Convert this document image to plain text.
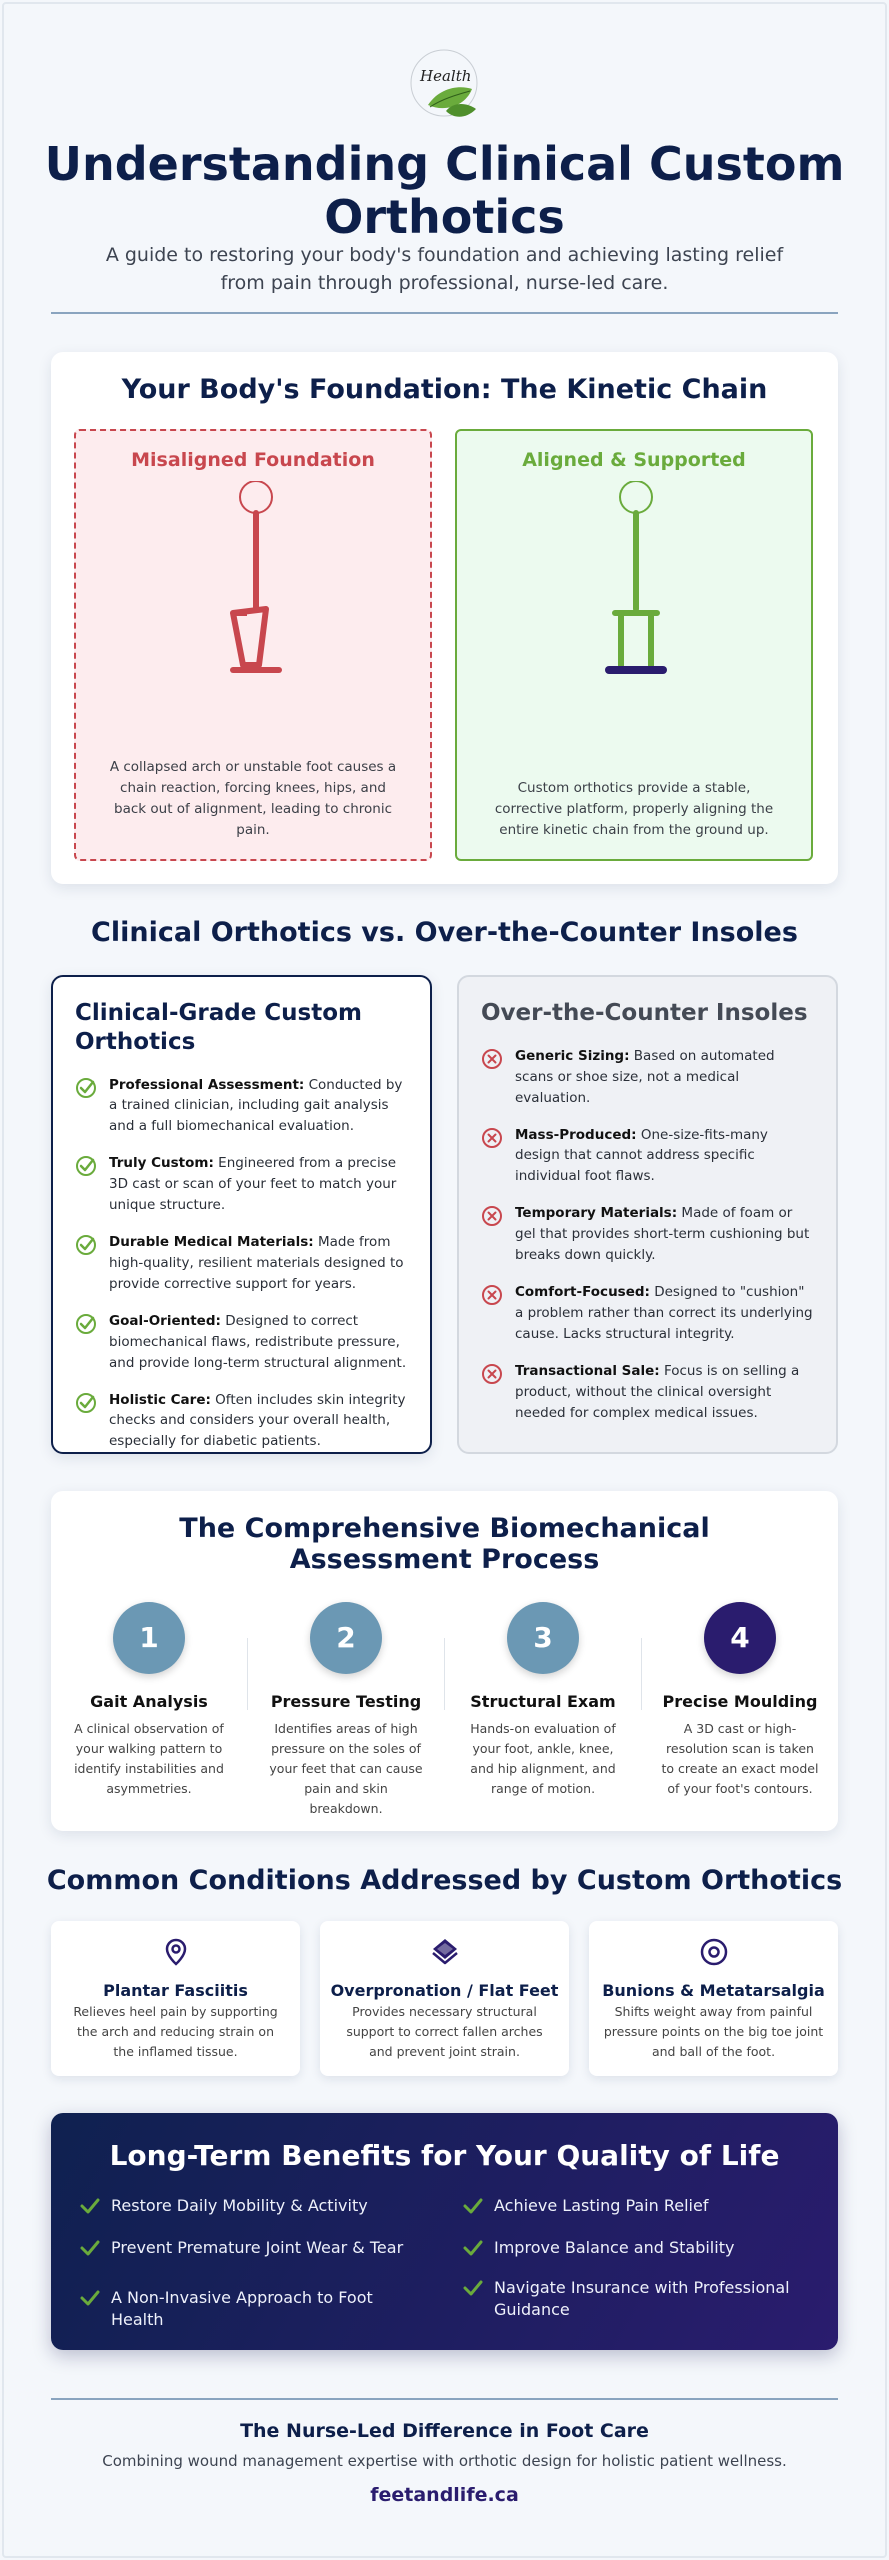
Health
Understanding Clinical Custom Orthotics
A guide to restoring your body's foundation and achieving lasting relief from pain through professional, nurse-led care.
Your Body's Foundation: The Kinetic Chain
Misaligned Foundation

A collapsed arch or unstable foot causes a chain reaction, forcing knees, hips, and back out of alignment, leading to chronic pain.

Aligned & Supported

Custom orthotics provide a stable, corrective platform, properly aligning the entire kinetic chain from the ground up.

Clinical Orthotics vs. Over-the-Counter Insoles
Clinical-Grade Custom Orthotics
Professional Assessment: Conducted by a trained clinician, including gait analysis and a full biomechanical evaluation.
Truly Custom: Engineered from a precise 3D cast or scan of your feet to match your unique structure.
Durable Medical Materials: Made from high-quality, resilient materials designed to provide corrective support for years.
Goal-Oriented: Designed to correct biomechanical flaws, redistribute pressure, and provide long-term structural alignment.
Holistic Care: Often includes skin integrity checks and considers your overall health, especially for diabetic patients.
Over-the-Counter Insoles
Generic Sizing: Based on automated scans or shoe size, not a medical evaluation.
Mass-Produced: One-size-fits-many design that cannot address specific individual foot flaws.
Temporary Materials: Made of foam or gel that provides short-term cushioning but breaks down quickly.
Comfort-Focused: Designed to "cushion" a problem rather than correct its underlying cause. Lacks structural integrity.
Transactional Sale: Focus is on selling a product, without the clinical oversight needed for complex medical issues.
The Comprehensive Biomechanical Assessment Process
1
Gait Analysis

A clinical observation of your walking pattern to identify instabilities and asymmetries.

2
Pressure Testing

Identifies areas of high pressure on the soles of your feet that can cause pain and skin breakdown.

3
Structural Exam

Hands-on evaluation of your foot, ankle, knee, and hip alignment, and range of motion.

4
Precise Moulding

A 3D cast or high-resolution scan is taken to create an exact model of your foot's contours.

Common Conditions Addressed by Custom Orthotics
Plantar Fasciitis

Relieves heel pain by supporting the arch and reducing strain on the inflamed tissue.

Overpronation / Flat Feet

Provides necessary structural support to correct fallen arches and prevent joint strain.

Bunions & Metatarsalgia

Shifts weight away from painful pressure points on the big toe joint and ball of the foot.

Long-Term Benefits for Your Quality of Life
Restore Daily Mobility & Activity	Achieve Lasting Pain Relief
Prevent Premature Joint Wear & Tear	Improve Balance and Stability
A Non-Invasive Approach to Foot Health
Navigate Insurance with Professional Guidance
The Nurse-Led Difference in Foot Care
Combining wound management expertise with orthotic design for holistic patient wellness.
feetandlife.ca
